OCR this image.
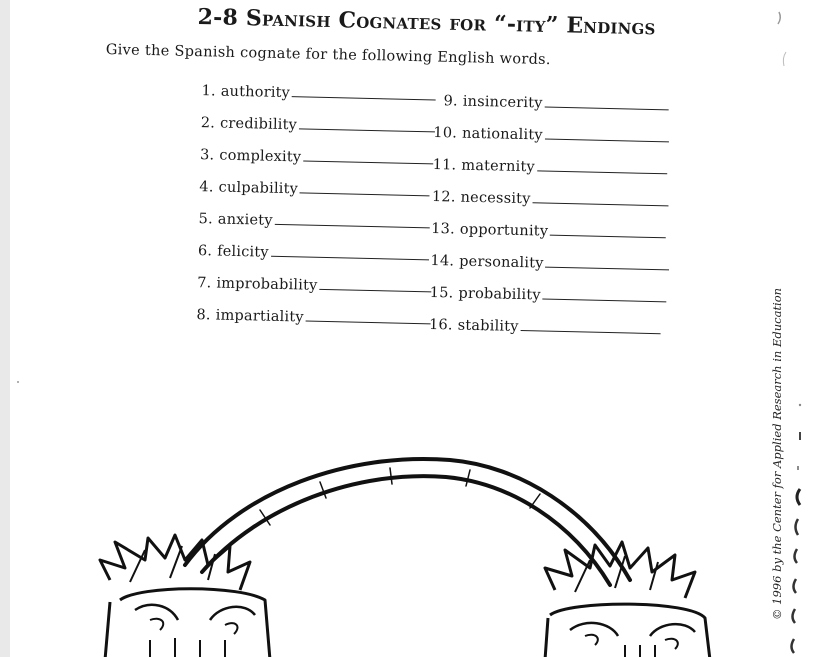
2-8 Spanish Cognates for “-ity” Endings
Give the Spanish cognate for the following English words.
1. authority
2. credibility
3. complexity
4. culpability
5. anxiety
6. felicity
7. improbability
8. impartiality
9. insincerity
10. nationality
11. maternity
12. necessity
13. opportunity
14. personality
15. probability
16. stability	© 1996 by the Center for Applied Research in Education
